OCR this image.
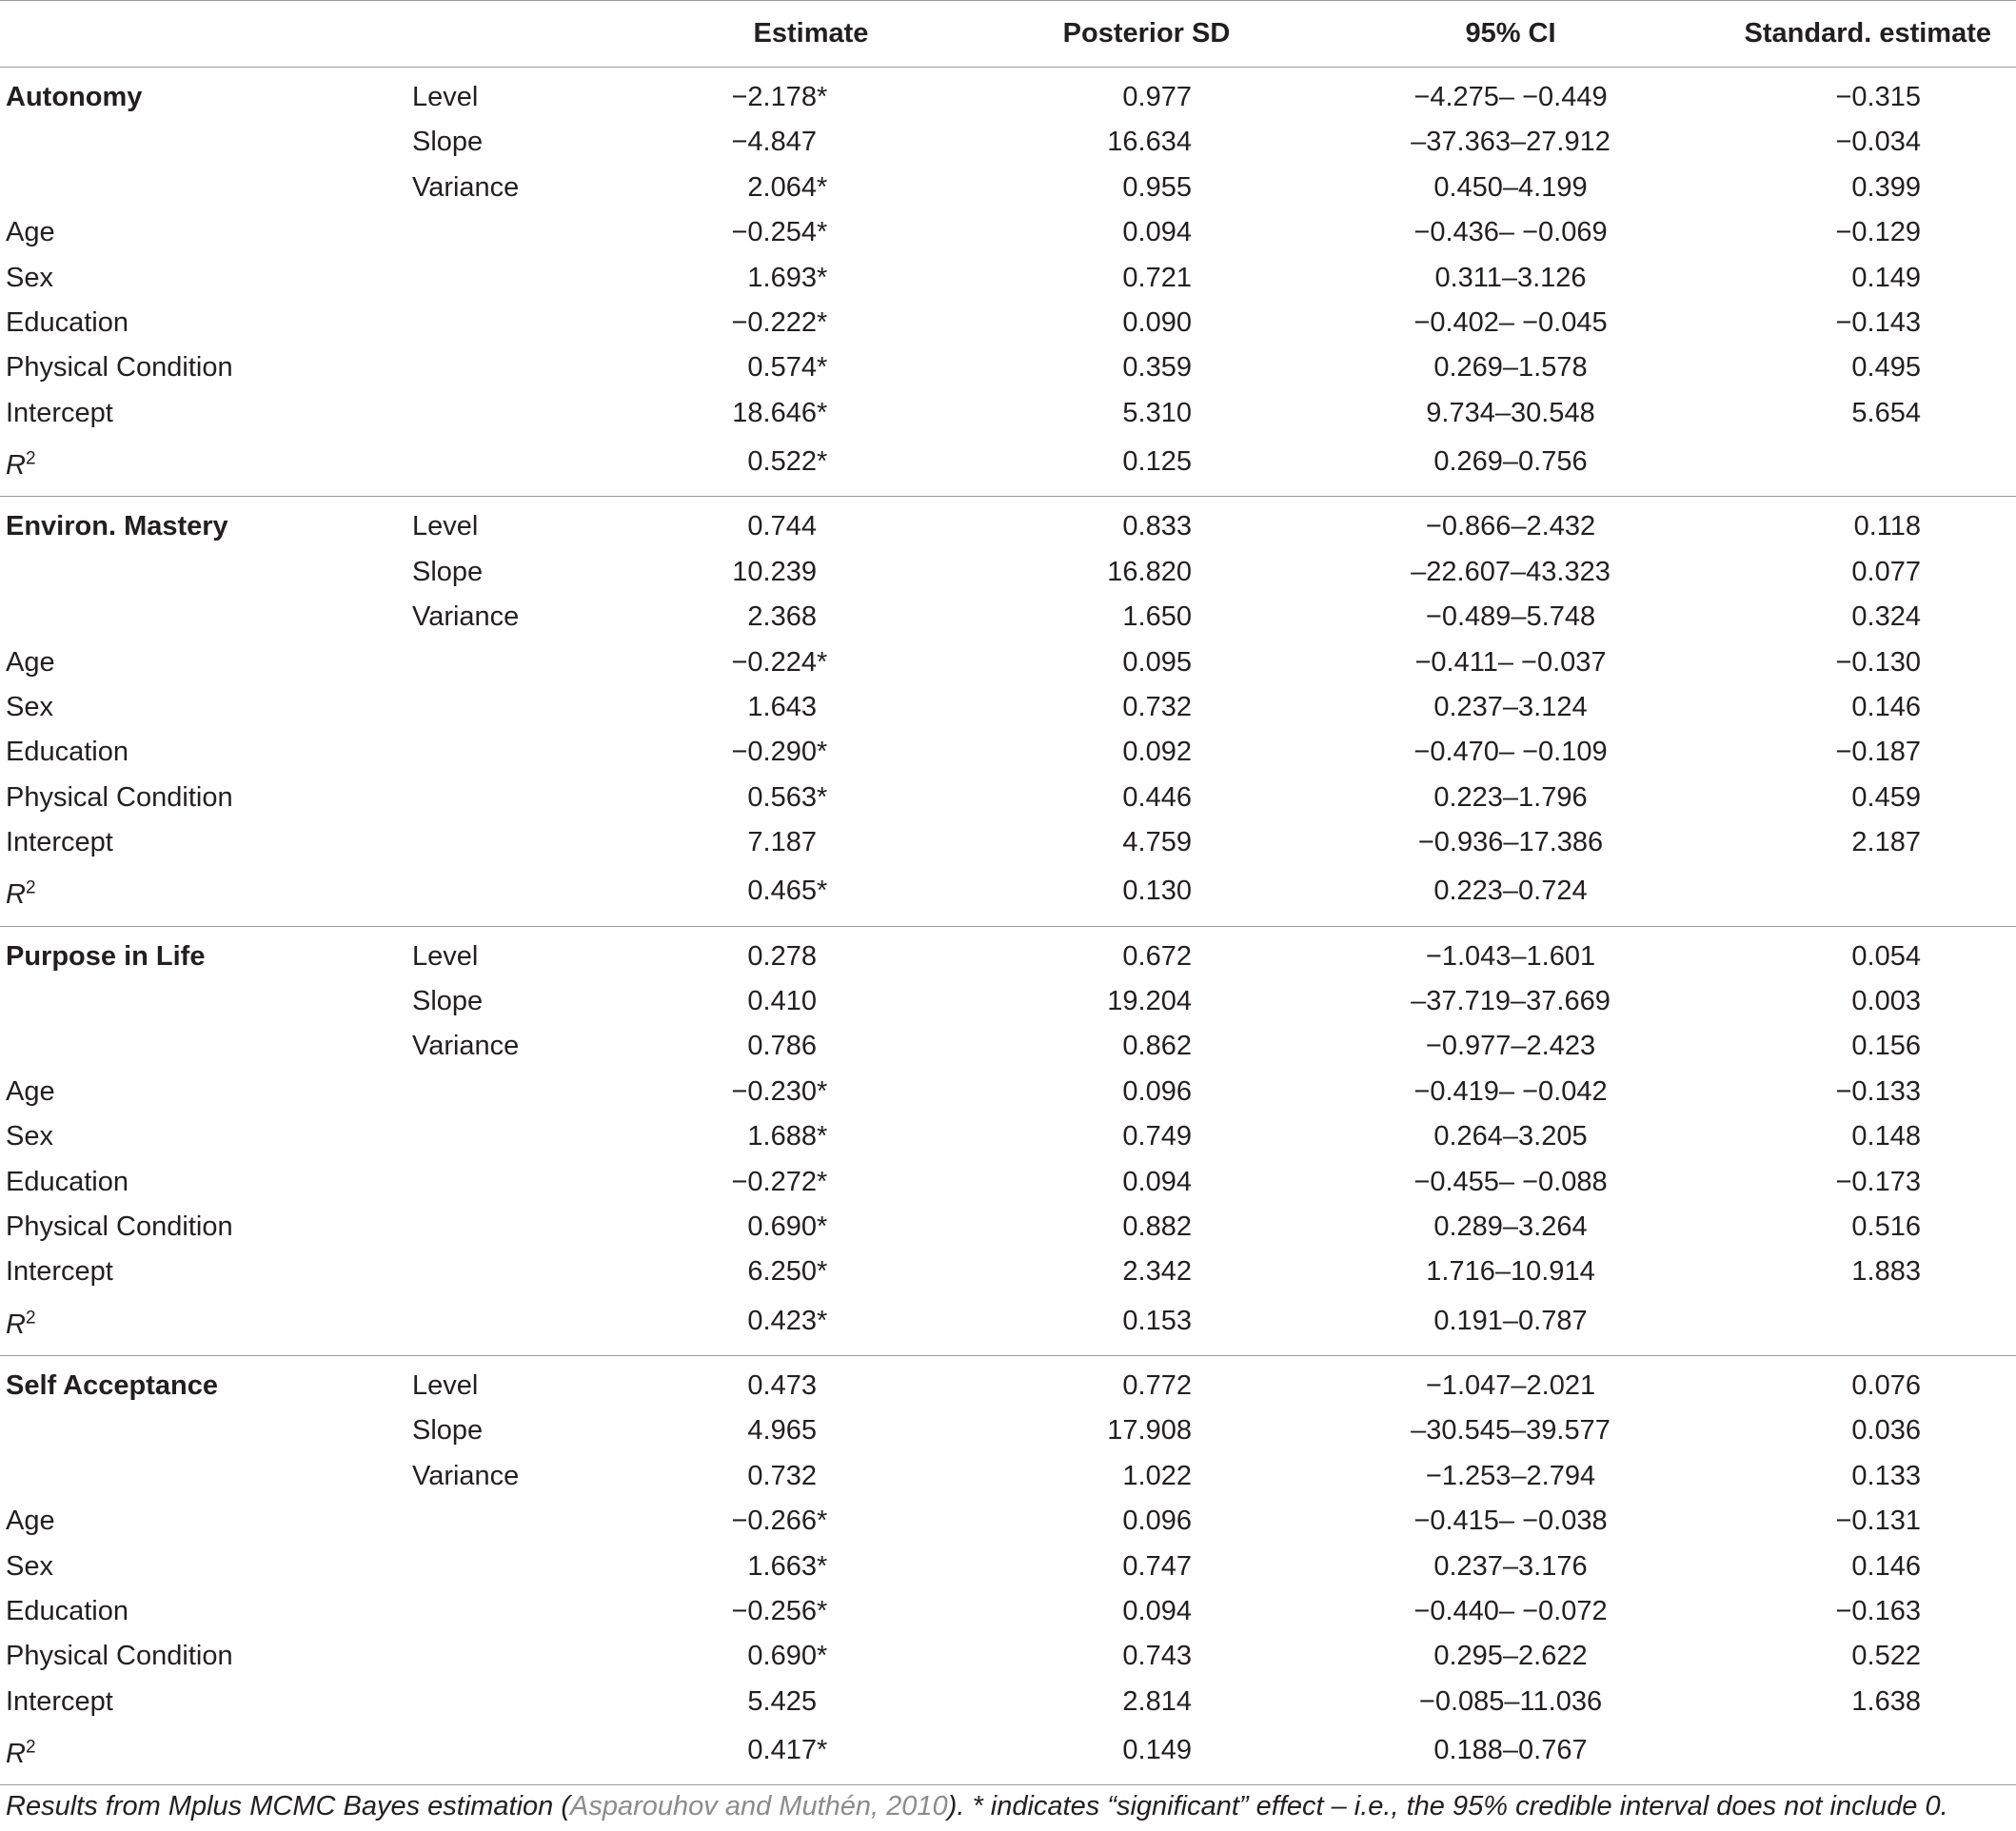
		Estimate	Posterior SD	95% CI	Standard. estimate
Autonomy	Level	−2.178*	0.977	−4.275– −0.449	−0.315
	Slope	−4.847	16.634	–37.363–27.912	−0.034
	Variance	2.064*	0.955	0.450–4.199	0.399
Age		−0.254*	0.094	−0.436– −0.069	−0.129
Sex		1.693*	0.721	0.311–3.126	0.149
Education		−0.222*	0.090	−0.402– −0.045	−0.143
Physical Condition		0.574*	0.359	0.269–1.578	0.495
Intercept		18.646*	5.310	9.734–30.548	5.654
$R^2$		0.522*	0.125	0.269–0.756	
Environ. Mastery	Level	0.744	0.833	−0.866–2.432	0.118
	Slope	10.239	16.820	–22.607–43.323	0.077
	Variance	2.368	1.650	−0.489–5.748	0.324
Age		−0.224*	0.095	−0.411– −0.037	−0.130
Sex		1.643	0.732	0.237–3.124	0.146
Education		−0.290*	0.092	−0.470– −0.109	−0.187
Physical Condition		0.563*	0.446	0.223–1.796	0.459
Intercept		7.187	4.759	−0.936–17.386	2.187
$R^2$		0.465*	0.130	0.223–0.724	
Purpose in Life	Level	0.278	0.672	−1.043–1.601	0.054
	Slope	0.410	19.204	–37.719–37.669	0.003
	Variance	0.786	0.862	−0.977–2.423	0.156
Age		−0.230*	0.096	−0.419– −0.042	−0.133
Sex		1.688*	0.749	0.264–3.205	0.148
Education		−0.272*	0.094	−0.455– −0.088	−0.173
Physical Condition		0.690*	0.882	0.289–3.264	0.516
Intercept		6.250*	2.342	1.716–10.914	1.883
$R^2$		0.423*	0.153	0.191–0.787	
Self Acceptance	Level	0.473	0.772	−1.047–2.021	0.076
	Slope	4.965	17.908	–30.545–39.577	0.036
	Variance	0.732	1.022	−1.253–2.794	0.133
Age		−0.266*	0.096	−0.415– −0.038	−0.131
Sex		1.663*	0.747	0.237–3.176	0.146
Education		−0.256*	0.094	−0.440– −0.072	−0.163
Physical Condition		0.690*	0.743	0.295–2.622	0.522
Intercept		5.425	2.814	−0.085–11.036	1.638
$R^2$		0.417*	0.149	0.188–0.767	
Results from Mplus MCMC Bayes estimation (Asparouhov and Muthén, 2010). * indicates “significant” effect – i.e., the 95% credible interval does not include 0.
